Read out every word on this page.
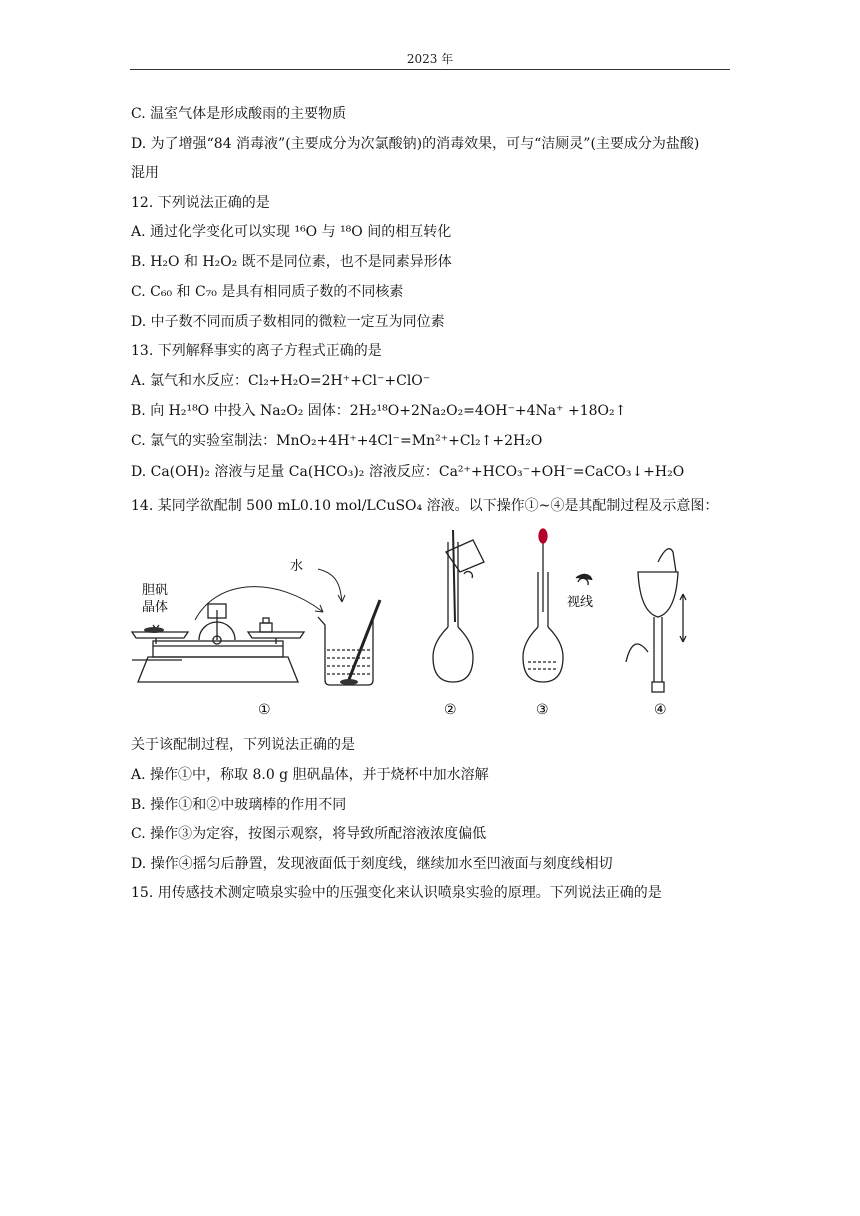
2023 年
C. 温室气体是形成酸雨的主要物质
D. 为了增强“84 消毒液”(主要成分为次氯酸钠)的消毒效果，可与“洁厕灵”(主要成分为盐酸)
混用
12. 下列说法正确的是
A. 通过化学变化可以实现 ¹⁶O 与 ¹⁸O 间的相互转化
B. H₂O 和 H₂O₂ 既不是同位素，也不是同素异形体
C. C₆₀ 和 C₇₀ 是具有相同质子数的不同核素
D. 中子数不同而质子数相同的微粒一定互为同位素
13. 下列解释事实的离子方程式正确的是
A. 氯气和水反应：Cl₂+H₂O=2H⁺+Cl⁻+ClO⁻
B. 向 H₂¹⁸O 中投入 Na₂O₂ 固体：2H₂¹⁸O+2Na₂O₂=4OH⁻+4Na⁺ +18O₂↑
C. 氯气的实验室制法：MnO₂+4H⁺+4Cl⁻=Mn²⁺+Cl₂↑+2H₂O
D. Ca(OH)₂ 溶液与足量 Ca(HCO₃)₂ 溶液反应：Ca²⁺+HCO₃⁻+OH⁻=CaCO₃↓+H₂O
14. 某同学欲配制 500 mL0.10 mol/LCuSO₄ 溶液。以下操作①~④是其配制过程及示意图：
胆矾
晶体
水
视线
①	②	③	④
关于该配制过程，下列说法正确的是
A. 操作①中，称取 8.0 g 胆矾晶体，并于烧杯中加水溶解
B. 操作①和②中玻璃棒的作用不同
C. 操作③为定容，按图示观察，将导致所配溶液浓度偏低
D. 操作④摇匀后静置，发现液面低于刻度线，继续加水至凹液面与刻度线相切
15. 用传感技术测定喷泉实验中的压强变化来认识喷泉实验的原理。下列说法正确的是
